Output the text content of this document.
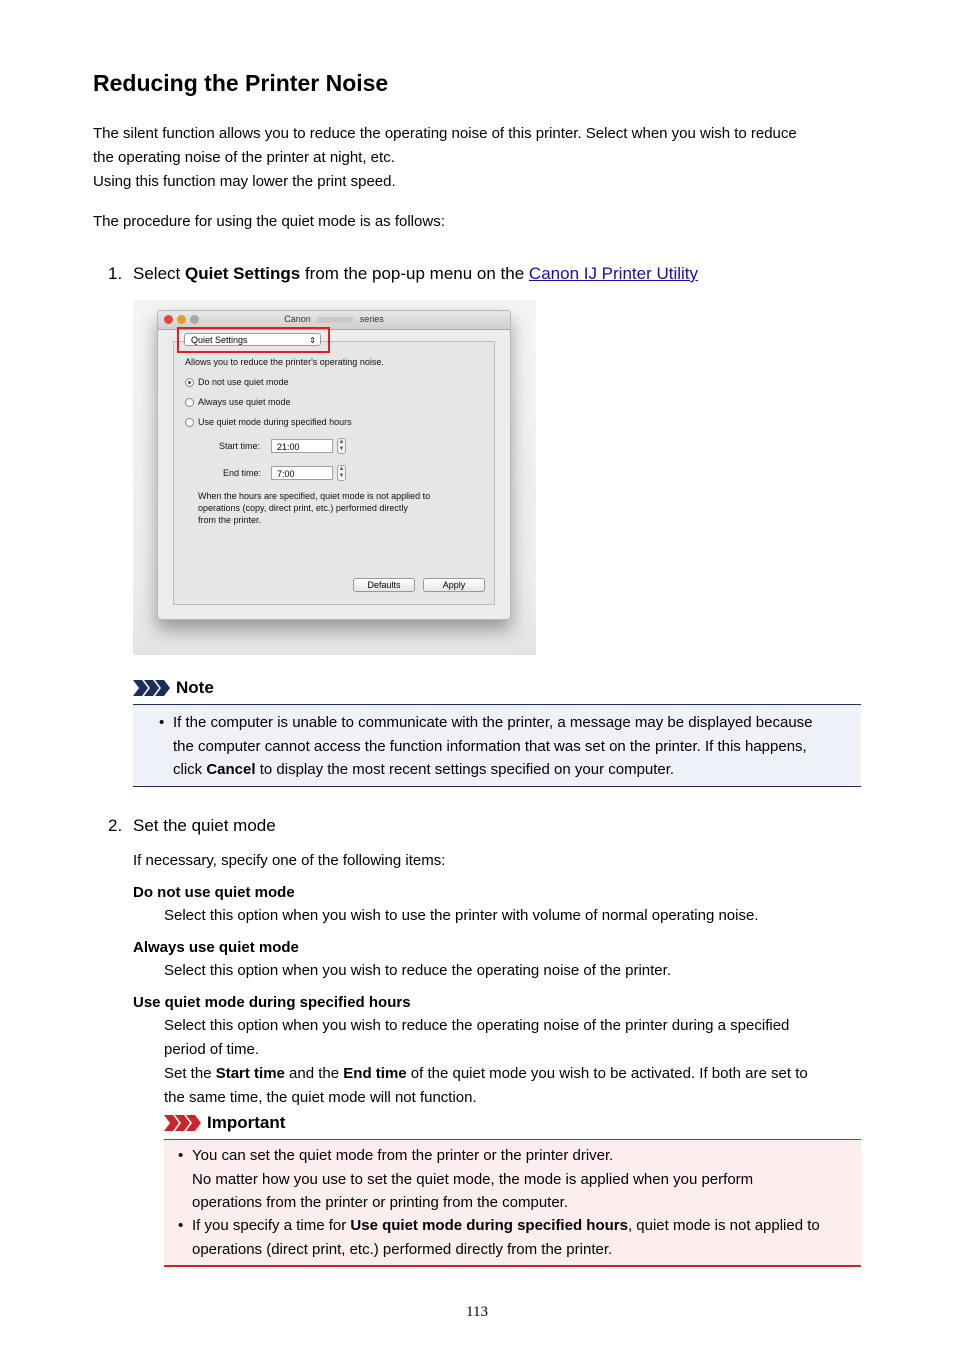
Reducing the Printer Noise

The silent function allows you to reduce the operating noise of this printer. Select when you wish to reduce
the operating noise of the printer at night, etc.
Using this function may lower the print speed.

The procedure for using the quiet mode is as follows:

1. Select Quiet Settings from the pop-up menu on the Canon IJ Printer Utility
Canon	series
Quiet Settings	⇕
Allows you to reduce the printer's operating noise.
Do not use quiet mode
Always use quiet mode
Use quiet mode during specified hours
Start time:	21:00	▲
▼
End time:	7:00	▲
▼
When the hours are specified, quiet mode is not applied to
operations (copy, direct print, etc.) performed directly
from the printer.
Defaults	Apply
Note
• If the computer is unable to communicate with the printer, a message may be displayed because
the computer cannot access the function information that was set on the printer. If this happens,
click Cancel to display the most recent settings specified on your computer.
2. Set the quiet mode
If necessary, specify one of the following items:
Do not use quiet mode
Select this option when you wish to use the printer with volume of normal operating noise.
Always use quiet mode
Select this option when you wish to reduce the operating noise of the printer.
Use quiet mode during specified hours
Select this option when you wish to reduce the operating noise of the printer during a specified
period of time.
Set the Start time and the End time of the quiet mode you wish to be activated. If both are set to
the same time, the quiet mode will not function.
Important
• You can set the quiet mode from the printer or the printer driver.
No matter how you use to set the quiet mode, the mode is applied when you perform
operations from the printer or printing from the computer.
• If you specify a time for Use quiet mode during specified hours, quiet mode is not applied to
operations (direct print, etc.) performed directly from the printer.
113
